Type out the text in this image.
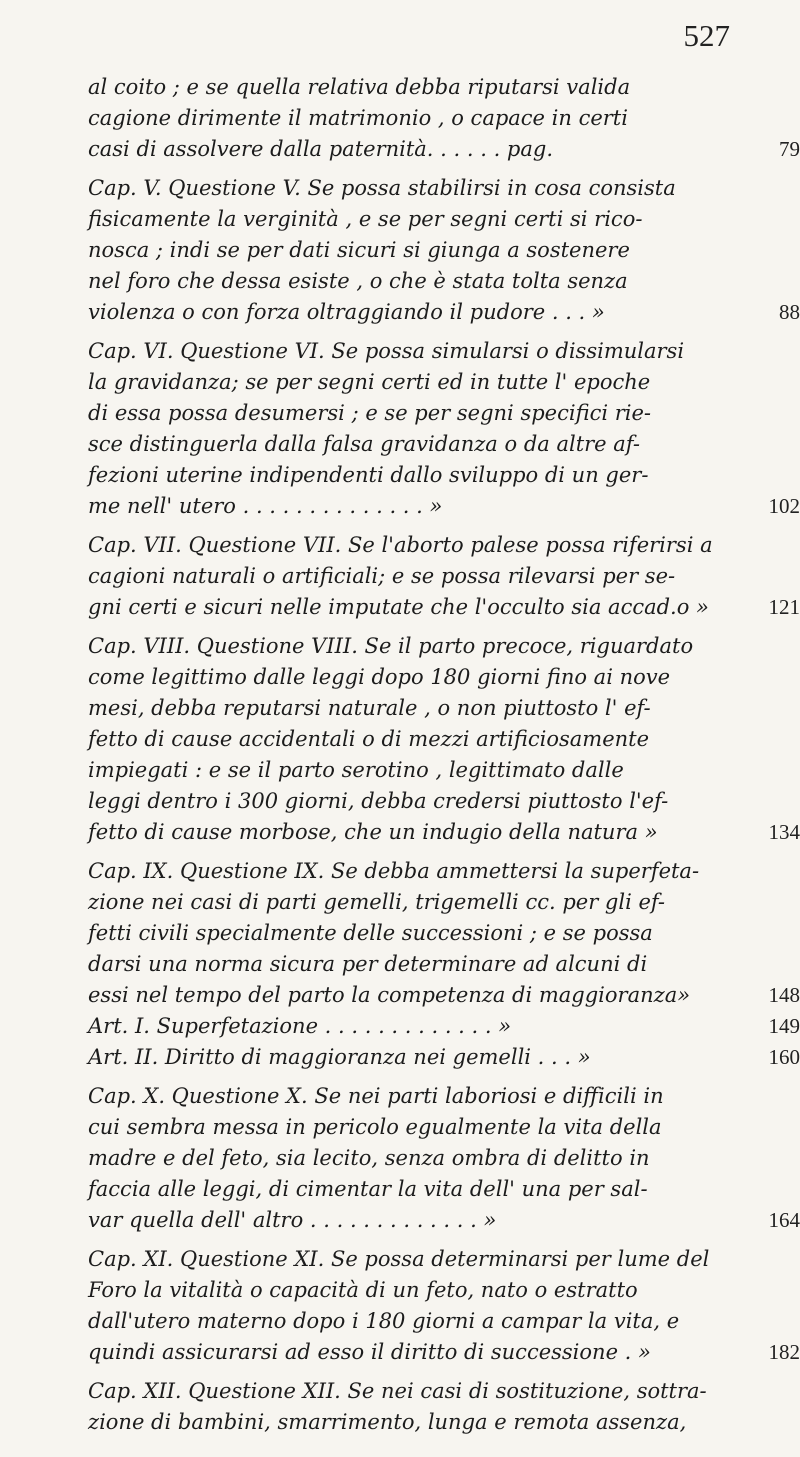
527
al coito ; e se quella relativa debba riputarsi valida
cagione dirimente il matrimonio , o capace in certi
casi di assolvere dalla paternità. . . . . . pag.	79
Cap. V. Questione V. Se possa stabilirsi in cosa consista
fisicamente la verginità , e se per segni certi si rico-
nosca ; indi se per dati sicuri si giunga a sostenere
nel foro che dessa esiste , o che è stata tolta senza
violenza o con forza oltraggiando il pudore . . . »	88
Cap. VI. Questione VI. Se possa simularsi o dissimularsi
la gravidanza; se per segni certi ed in tutte l' epoche
di essa possa desumersi ; e se per segni specifici rie-
sce distinguerla dalla falsa gravidanza o da altre af-
fezioni uterine indipendenti dallo sviluppo di un ger-
me nell' utero . . . . . . . . . . . . . . »	102
Cap. VII. Questione VII. Se l'aborto palese possa riferirsi a
cagioni naturali o artificiali; e se possa rilevarsi per se-
gni certi e sicuri nelle imputate che l'occulto sia accad.o »	121
Cap. VIII. Questione VIII. Se il parto precoce, riguardato
come legittimo dalle leggi dopo 180 giorni fino ai nove
mesi, debba reputarsi naturale , o non piuttosto l' ef-
fetto di cause accidentali o di mezzi artificiosamente
impiegati : e se il parto serotino , legittimato dalle
leggi dentro i 300 giorni, debba credersi piuttosto l'ef-
fetto di cause morbose, che un indugio della natura »	134
Cap. IX. Questione IX. Se debba ammettersi la superfeta-
zione nei casi di parti gemelli, trigemelli cc. per gli ef-
fetti civili specialmente delle successioni ; e se possa
darsi una norma sicura per determinare ad alcuni di
essi nel tempo del parto la competenza di maggioranza»	148
Art. I. Superfetazione . . . . . . . . . . . . . »	149
Art. II. Diritto di maggioranza nei gemelli . . . »	160
Cap. X. Questione X. Se nei parti laboriosi e difficili in
cui sembra messa in pericolo egualmente la vita della
madre e del feto, sia lecito, senza ombra di delitto in
faccia alle leggi, di cimentar la vita dell' una per sal-
var quella dell' altro . . . . . . . . . . . . . »	164
Cap. XI. Questione XI. Se possa determinarsi per lume del
Foro la vitalità o capacità di un feto, nato o estratto
dall'utero materno dopo i 180 giorni a campar la vita, e
quindi assicurarsi ad esso il diritto di successione . »	182
Cap. XII. Questione XII. Se nei casi di sostituzione, sottra-
zione di bambini, smarrimento, lunga e remota assenza,
